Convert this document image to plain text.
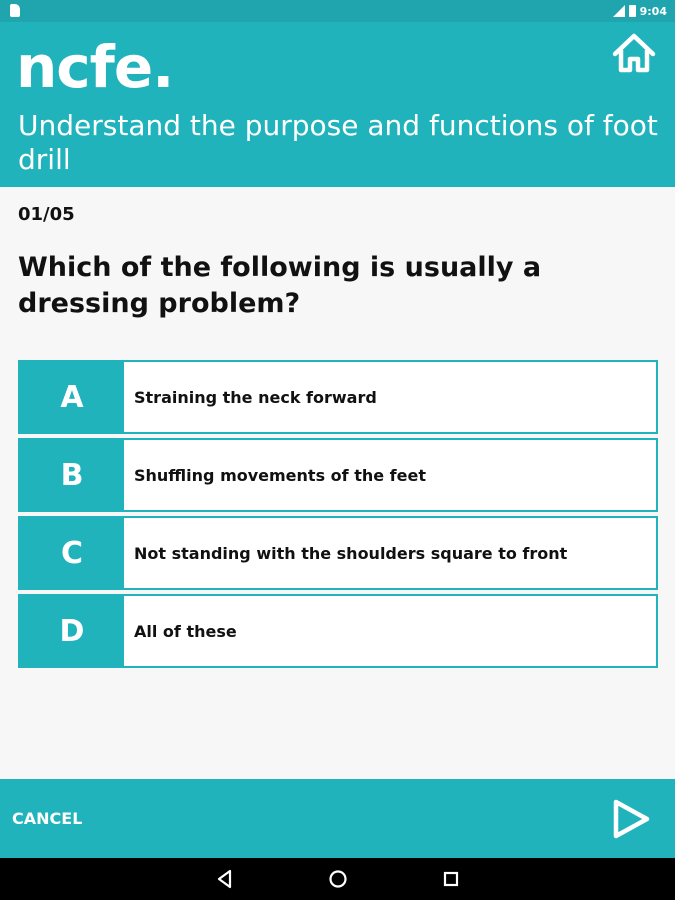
9:04
ncfe.
Understand the purpose and functions of foot drill
01/05
Which of the following is usually a dressing problem?
A	Straining the neck forward
B	Shuffling movements of the feet
C	Not standing with the shoulders square to front
D	All of these
CANCEL
